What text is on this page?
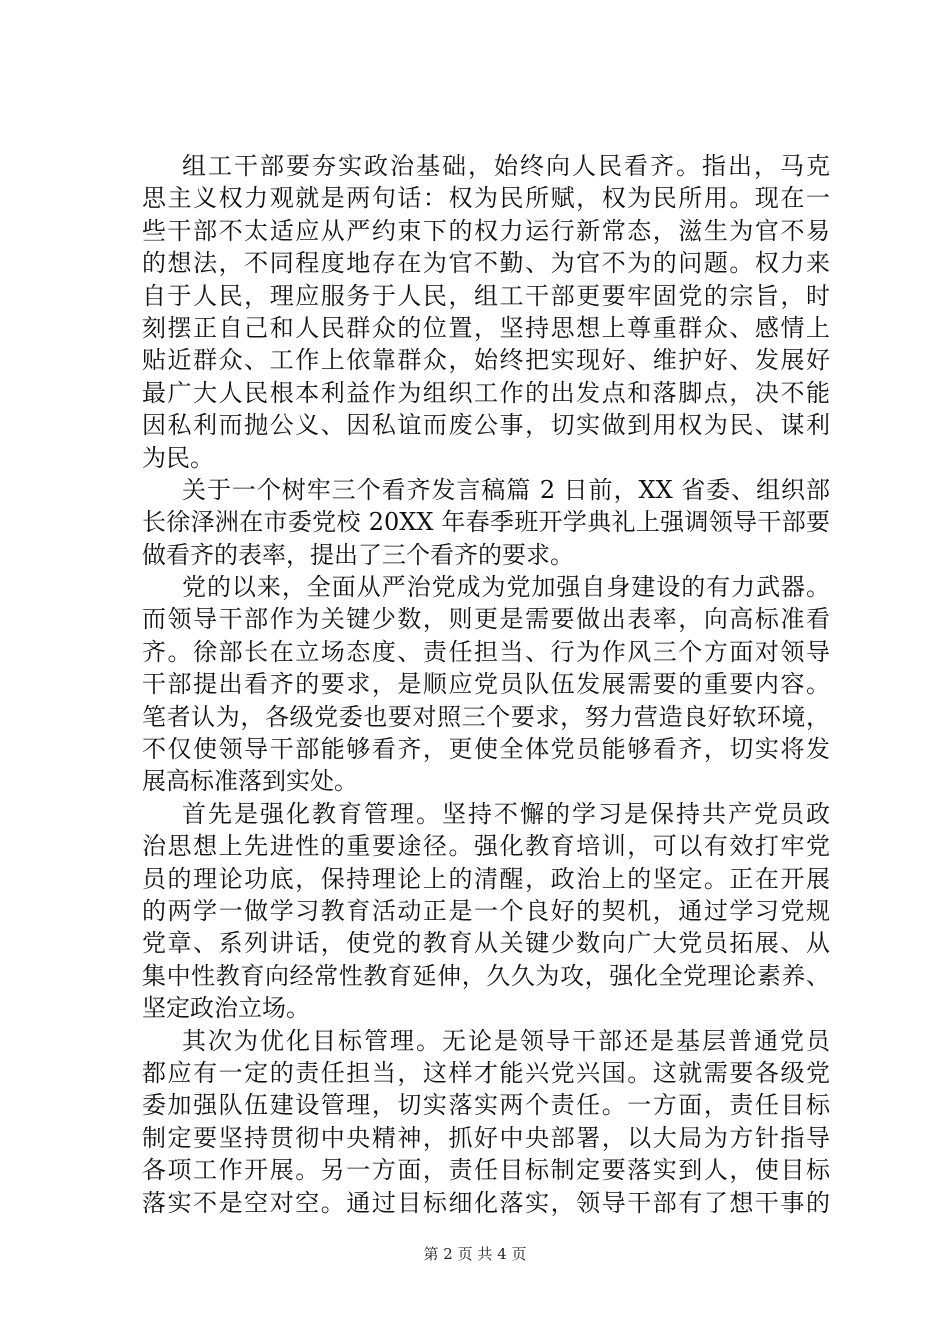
组工干部要夯实政治基础，始终向人民看齐。指出，马克
思主义权力观就是两句话：权为民所赋，权为民所用。现在一
些干部不太适应从严约束下的权力运行新常态，滋生为官不易
的想法，不同程度地存在为官不勤、为官不为的问题。权力来
自于人民，理应服务于人民，组工干部更要牢固党的宗旨，时
刻摆正自己和人民群众的位置，坚持思想上尊重群众、感情上
贴近群众、工作上依靠群众，始终把实现好、维护好、发展好
最广大人民根本利益作为组织工作的出发点和落脚点，决不能
因私利而抛公义、因私谊而废公事，切实做到用权为民、谋利
为民。
关于一个树牢三个看齐发言稿篇 2 日前，XX 省委、组织部
长徐泽洲在市委党校 20XX 年春季班开学典礼上强调领导干部要
做看齐的表率，提出了三个看齐的要求。
党的以来，全面从严治党成为党加强自身建设的有力武器。
而领导干部作为关键少数，则更是需要做出表率，向高标准看
齐。徐部长在立场态度、责任担当、行为作风三个方面对领导
干部提出看齐的要求，是顺应党员队伍发展需要的重要内容。
笔者认为，各级党委也要对照三个要求，努力营造良好软环境，
不仅使领导干部能够看齐，更使全体党员能够看齐，切实将发
展高标准落到实处。
首先是强化教育管理。坚持不懈的学习是保持共产党员政
治思想上先进性的重要途径。强化教育培训，可以有效打牢党
员的理论功底，保持理论上的清醒，政治上的坚定。正在开展
的两学一做学习教育活动正是一个良好的契机，通过学习党规
党章、系列讲话，使党的教育从关键少数向广大党员拓展、从
集中性教育向经常性教育延伸，久久为攻，强化全党理论素养、
坚定政治立场。
其次为优化目标管理。无论是领导干部还是基层普通党员
都应有一定的责任担当，这样才能兴党兴国。这就需要各级党
委加强队伍建设管理，切实落实两个责任。一方面，责任目标
制定要坚持贯彻中央精神，抓好中央部署，以大局为方针指导
各项工作开展。另一方面，责任目标制定要落实到人，使目标
落实不是空对空。通过目标细化落实，领导干部有了想干事的
第 2 页 共 4 页
